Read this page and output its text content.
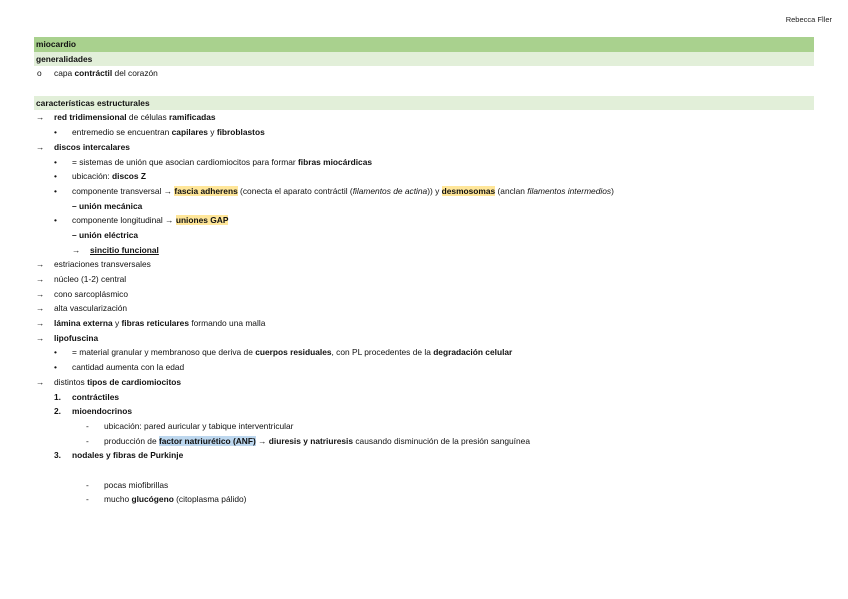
Rebecca Fׂller
miocardio
generalidades
o capa contráctil del corazón
características estructurales
→ red tridimensional de células ramificadas
• entremedio se encuentran capilares y fibroblastos
→ discos intercalares
• = sistemas de unión que asocian cardiomiocitos para formar fibras miocárdicas
• ubicación: discos Z
• componente transversal → fascia adherens (conecta el aparato contráctil (filamentos de actina)) y desmosomas (anclan filamentos intermedios)
– unión mecánica
• componente longitudinal → uniones GAP
– unión eléctrica
→ sincitio funcional
→ estriaciones transversales
→ núcleo (1-2) central
→ cono sarcoplásmico
→ alta vascularización
→ lámina externa y fibras reticulares formando una malla
→ lipofuscina
• = material granular y membranoso que deriva de cuerpos residuales, con PL procedentes de la degradación celular
• cantidad aumenta con la edad
→ distintos tipos de cardiomiocitos
1. contráctiles
2. mioendocrinos
- ubicación: pared auricular y tabique interventricular
- producción de factor natriurético (ANF) → diuresis y natriuresis causando disminución de la presión sanguínea
3. nodales y fibras de Purkinje
- pocas miofibrillas
- mucho glucógeno (citoplasma pálido)
